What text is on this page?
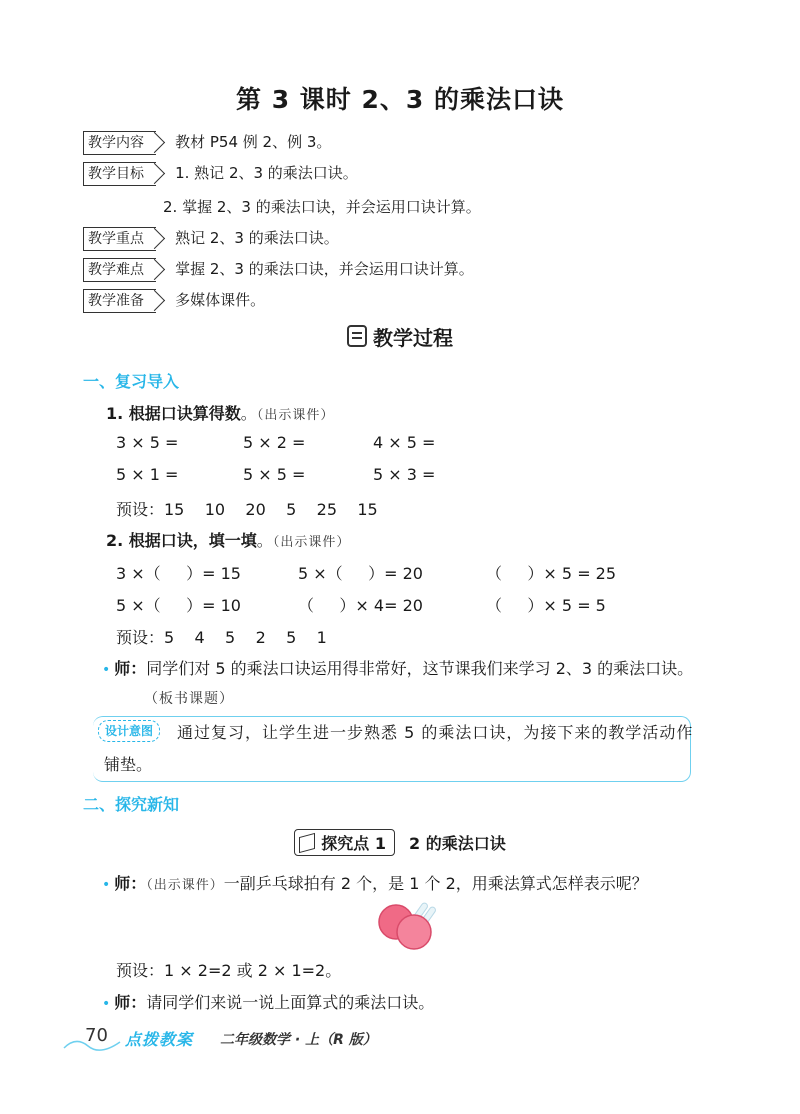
第 3 课时 2、3 的乘法口诀
教学内容 教材 P54 例 2、例 3。
教学目标 1. 熟记 2、3 的乘法口诀。
2. 掌握 2、3 的乘法口诀，并会运用口诀计算。
教学重点 熟记 2、3 的乘法口诀。
教学难点 掌握 2、3 的乘法口诀，并会运用口诀计算。
教学准备 多媒体课件。
教学过程
一、复习导入
1. 根据口诀算得数。（出示课件）
3 × 5 =	5 × 2 =	4 × 5 =
5 × 1 =	5 × 5 =	5 × 3 =
预设：15    10    20    5    25    15
2. 根据口诀，填一填。（出示课件）
3 ×（     ）= 15	5 ×（     ）= 20	（     ）× 5 = 25
5 ×（     ）= 10	（     ）× 4= 20	（     ）× 5 = 5
预设：5    4    5    2    5    1
• 师：同学们对 5 的乘法口诀运用得非常好，这节课我们来学习 2、3 的乘法口诀。
（板书课题）
设计意图	通过复习，让学生进一步熟悉 5 的乘法口诀，为接下来的教学活动作
铺垫。
二、探究新知
探究点 1 2 的乘法口诀
• 师：（出示课件）一副乒乓球拍有 2 个，是 1 个 2，用乘法算式怎样表示呢？
预设：1 × 2=2 或 2 × 1=2。
• 师：请同学们来说一说上面算式的乘法口诀。
70 点拨教案 二年级数学 · 上（R 版）
